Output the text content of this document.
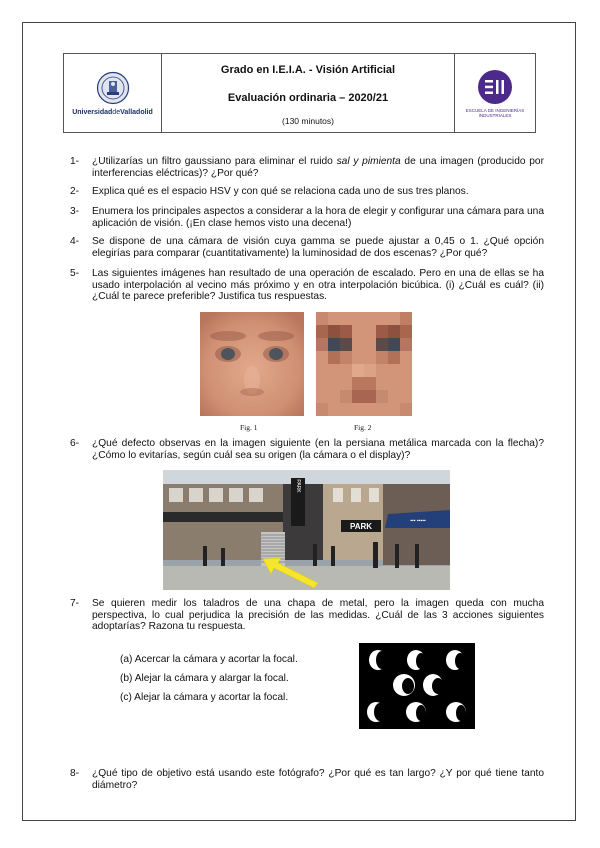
UniversidaddeValladolid
Grado en I.E.I.A. - Visión Artificial
Evaluación ordinaria – 2020/21
(130 minutos)
ESCUELA DE INGENIERÍAS INDUSTRIALES
1- ¿Utilizarías un filtro gaussiano para eliminar el ruido sal y pimienta de una imagen (producido por interferencias eléctricas)? ¿Por qué?
2- Explica qué es el espacio HSV y con qué se relaciona cada uno de sus tres planos.
3- Enumera los principales aspectos a considerar a la hora de elegir y configurar una cámara para una aplicación de visión. (¡En clase hemos visto una decena!)
4- Se dispone de una cámara de visión cuya gamma se puede ajustar a 0,45 o 1. ¿Qué opción elegirías para comparar (cuantitativamente) la luminosidad de dos escenas? ¿Por qué?
5- Las siguientes imágenes han resultado de una operación de escalado. Pero en una de ellas se ha usado interpolación al vecino más próximo y en otra interpolación bicúbica. (i) ¿Cuál es cuál? (ii) ¿Cuál te parece preferible? Justifica tus respuestas.
Fig. 1	Fig. 2
6- ¿Qué defecto observas en la imagen siguiente (en la persiana metálica marcada con la flecha)? ¿Cómo lo evitarías, según cuál sea su origen (la cámara o el display)?
PARK
PARK
▪▪▪ ▪▪▪▪▪
7- Se quieren medir los taladros de una chapa de metal, pero la imagen queda con mucha perspectiva, lo cual perjudica la precisión de las medidas. ¿Cuál de las 3 acciones siguientes adoptarías? Razona tu respuesta.
(a) Acercar la cámara y acortar la focal.
(b) Alejar la cámara y alargar la focal.
(c) Alejar la cámara y acortar la focal.
8- ¿Qué tipo de objetivo está usando este fotógrafo? ¿Por qué es tan largo? ¿Y por qué tiene tanto diámetro?
